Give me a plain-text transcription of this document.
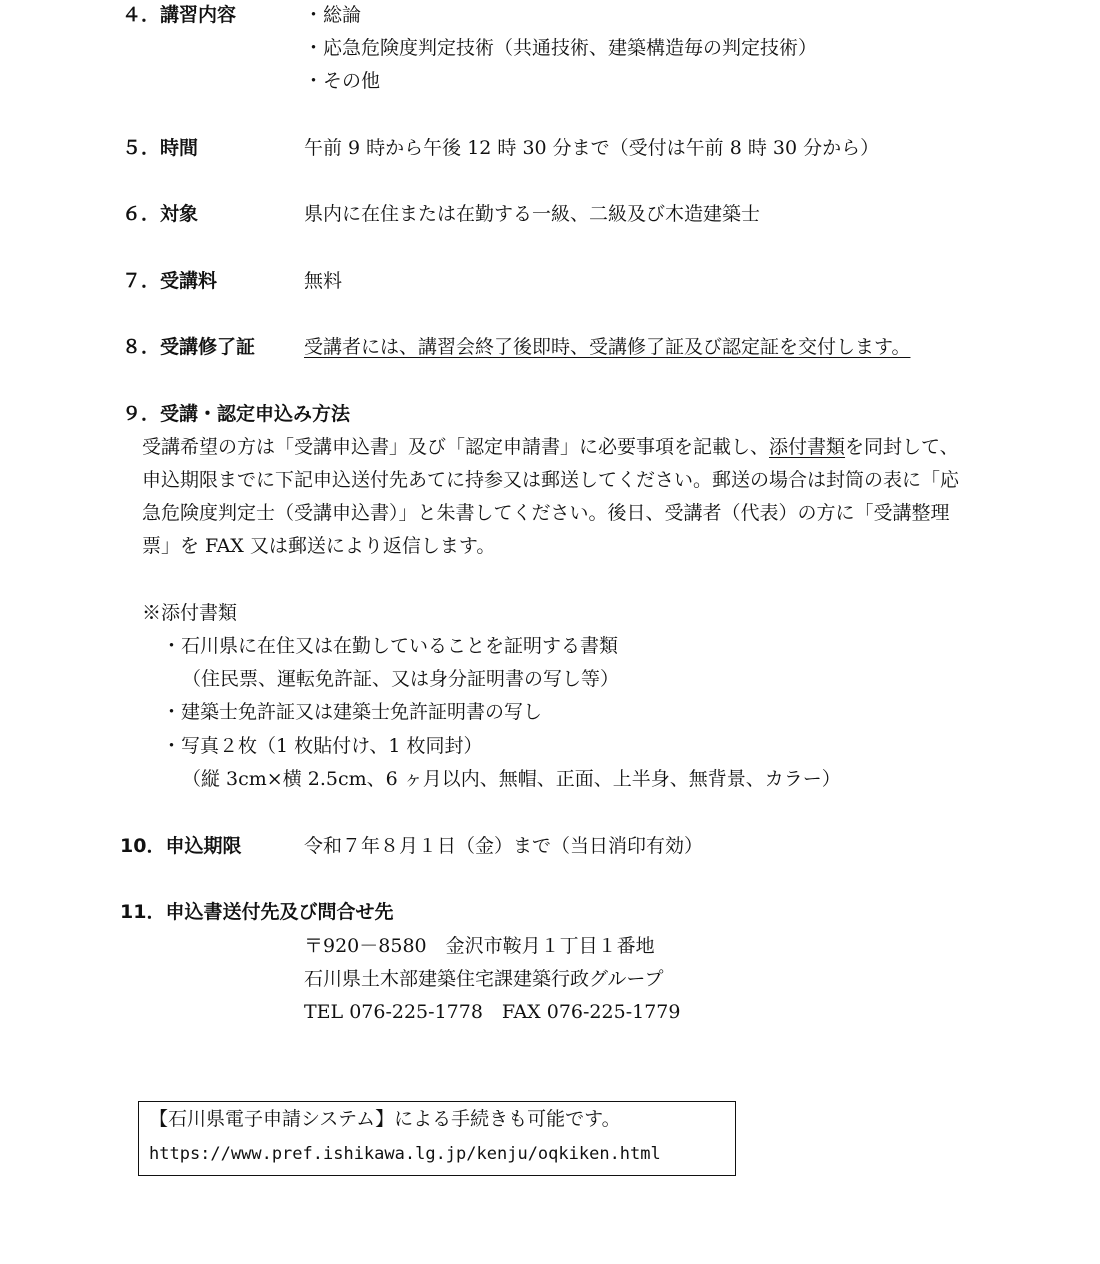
４．講習内容	・総論
・応急危険度判定技術（共通技術、建築構造毎の判定技術）
・その他
５．時間	午前 9 時から午後 12 時 30 分まで（受付は午前 8 時 30 分から）
６．対象	県内に在住または在勤する一級、二級及び木造建築士
７．受講料	無料
８．受講修了証	受講者には、講習会終了後即時、受講修了証及び認定証を交付します。
９．受講・認定申込み方法
受講希望の方は「受講申込書」及び「認定申請書」に必要事項を記載し、添付書類を同封して、
申込期限までに下記申込送付先あてに持参又は郵送してください。郵送の場合は封筒の表に「応
急危険度判定士（受講申込書）」と朱書してください。後日、受講者（代表）の方に「受講整理
票」を FAX 又は郵送により返信します。
※添付書類
・石川県に在住又は在勤していることを証明する書類
（住民票、運転免許証、又は身分証明書の写し等）
・建築士免許証又は建築士免許証明書の写し
・写真２枚（1 枚貼付け、1 枚同封）
（縦 3cm×横 2.5cm、6 ヶ月以内、無帽、正面、上半身、無背景、カラー）
10．申込期限	令和７年８月１日（金）まで（当日消印有効）
11．申込書送付先及び問合せ先
〒920－8580　金沢市鞍月１丁目１番地
石川県土木部建築住宅課建築行政グループ
TEL 076-225-1778　FAX 076-225-1779
【石川県電子申請システム】による手続きも可能です。
https://www.pref.ishikawa.lg.jp/kenju/oqkiken.html
